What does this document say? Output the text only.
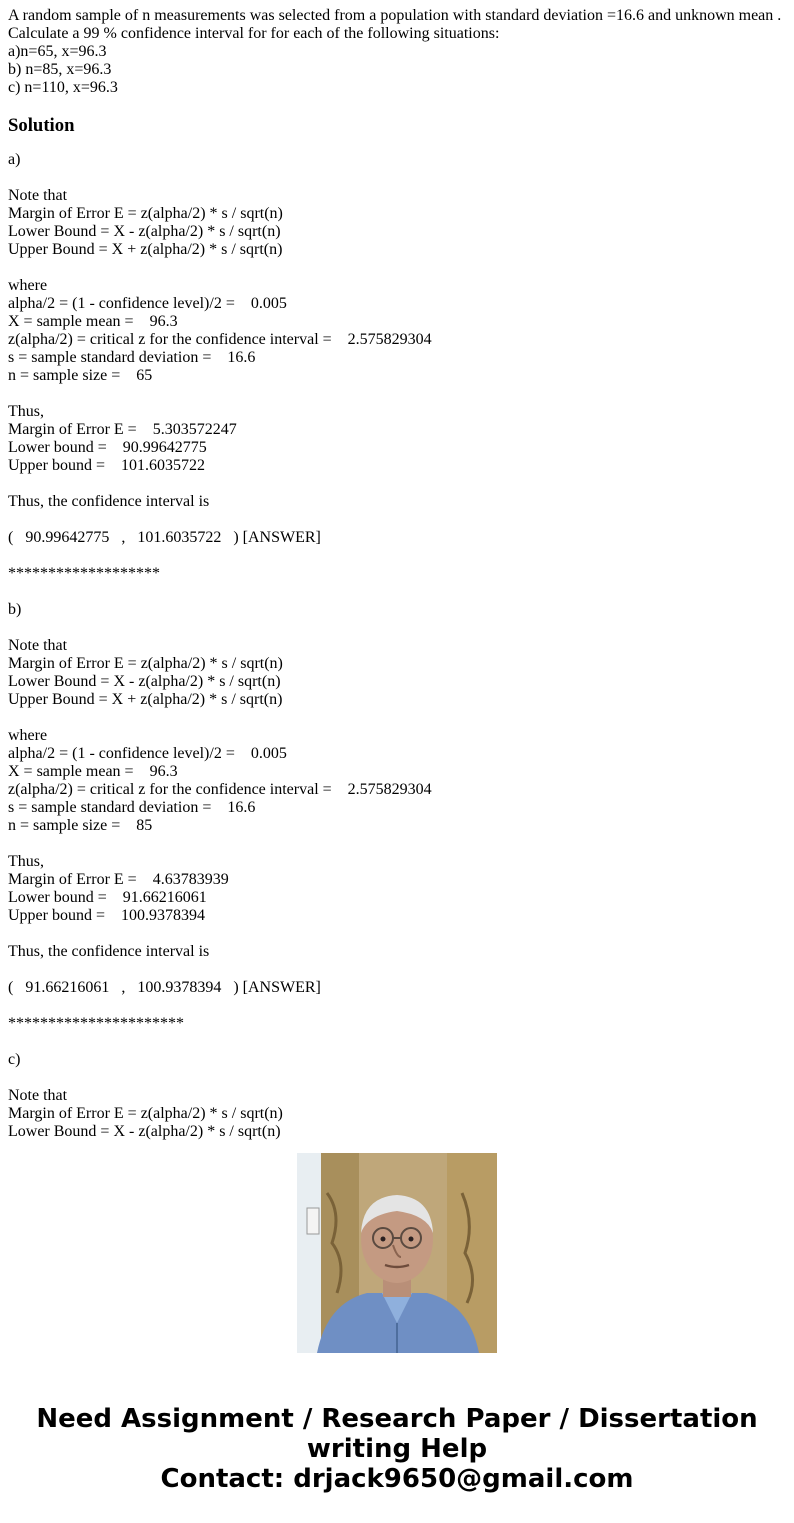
A random sample of n measurements was selected from a population with standard deviation =16.6 and unknown mean .
Calculate a 99 % confidence interval for for each of the following situations:
a)n=65, x=96.3
b) n=85, x=96.3
c) n=110, x=96.3
Solution
a)
Note that
Margin of Error E = z(alpha/2) * s / sqrt(n)
Lower Bound = X - z(alpha/2) * s / sqrt(n)
Upper Bound = X + z(alpha/2) * s / sqrt(n)
where
alpha/2 = (1 - confidence level)/2 =    0.005
X = sample mean =    96.3
z(alpha/2) = critical z for the confidence interval =    2.575829304
s = sample standard deviation =    16.6
n = sample size =    65
Thus,
Margin of Error E =    5.303572247
Lower bound =    90.99642775
Upper bound =    101.6035722
Thus, the confidence interval is
(   90.99642775   ,   101.6035722   ) [ANSWER]
*******************
b)
Note that
Margin of Error E = z(alpha/2) * s / sqrt(n)
Lower Bound = X - z(alpha/2) * s / sqrt(n)
Upper Bound = X + z(alpha/2) * s / sqrt(n)
where
alpha/2 = (1 - confidence level)/2 =    0.005
X = sample mean =    96.3
z(alpha/2) = critical z for the confidence interval =    2.575829304
s = sample standard deviation =    16.6
n = sample size =    85
Thus,
Margin of Error E =    4.63783939
Lower bound =    91.66216061
Upper bound =    100.9378394
Thus, the confidence interval is
(   91.66216061   ,   100.9378394   ) [ANSWER]
**********************
c)
Note that
Margin of Error E = z(alpha/2) * s / sqrt(n)
Lower Bound = X - z(alpha/2) * s / sqrt(n)
Need Assignment / Research Paper / Dissertation
writing Help
Contact: drjack9650@gmail.com
